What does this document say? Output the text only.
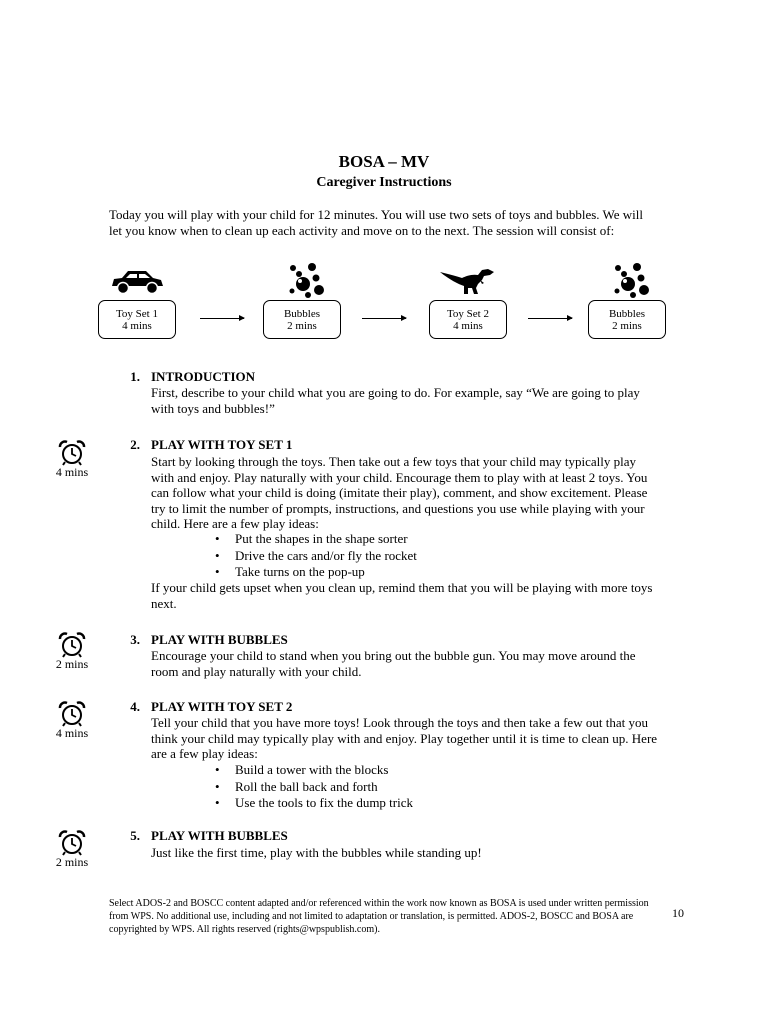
BOSA – MV
Caregiver Instructions
Today you will play with your child for 12 minutes. You will use two sets of toys and bubbles. We will let you know when to clean up each activity and move on to the next. The session will consist of:
Toy Set 1
4 mins
Bubbles
2 mins
Toy Set 2
4 mins
Bubbles
2 mins
1. INTRODUCTION
First, describe to your child what you are going to do. For example, say “We are going to play with toys and bubbles!”
4 mins
2. PLAY WITH TOY SET 1
Start by looking through the toys. Then take out a few toys that your child may typically play with and enjoy. Play naturally with your child. Encourage them to play with at least 2 toys. You can follow what your child is doing (imitate their play), comment, and show excitement. Please try to limit the number of prompts, instructions, and questions you use while playing with your child. Here are a few play ideas:
• Put the shapes in the shape sorter
• Drive the cars and/or fly the rocket
• Take turns on the pop-up
If your child gets upset when you clean up, remind them that you will be playing with more toys next.
2 mins
3. PLAY WITH BUBBLES
Encourage your child to stand when you bring out the bubble gun. You may move around the room and play naturally with your child.
4 mins
4. PLAY WITH TOY SET 2
Tell your child that you have more toys! Look through the toys and then take a few out that you think your child may typically play with and enjoy. Play together until it is time to clean up. Here are a few play ideas:
• Build a tower with the blocks
• Roll the ball back and forth
• Use the tools to fix the dump trick
2 mins
5. PLAY WITH BUBBLES
Just like the first time, play with the bubbles while standing up!
Select ADOS-2 and BOSCC content adapted and/or referenced within the work now known as BOSA is used under written permission from WPS. No additional use, including and not limited to adaptation or translation, is permitted. ADOS-2, BOSCC and BOSA are copyrighted by WPS. All rights reserved (rights@wpspublish.com).
10
